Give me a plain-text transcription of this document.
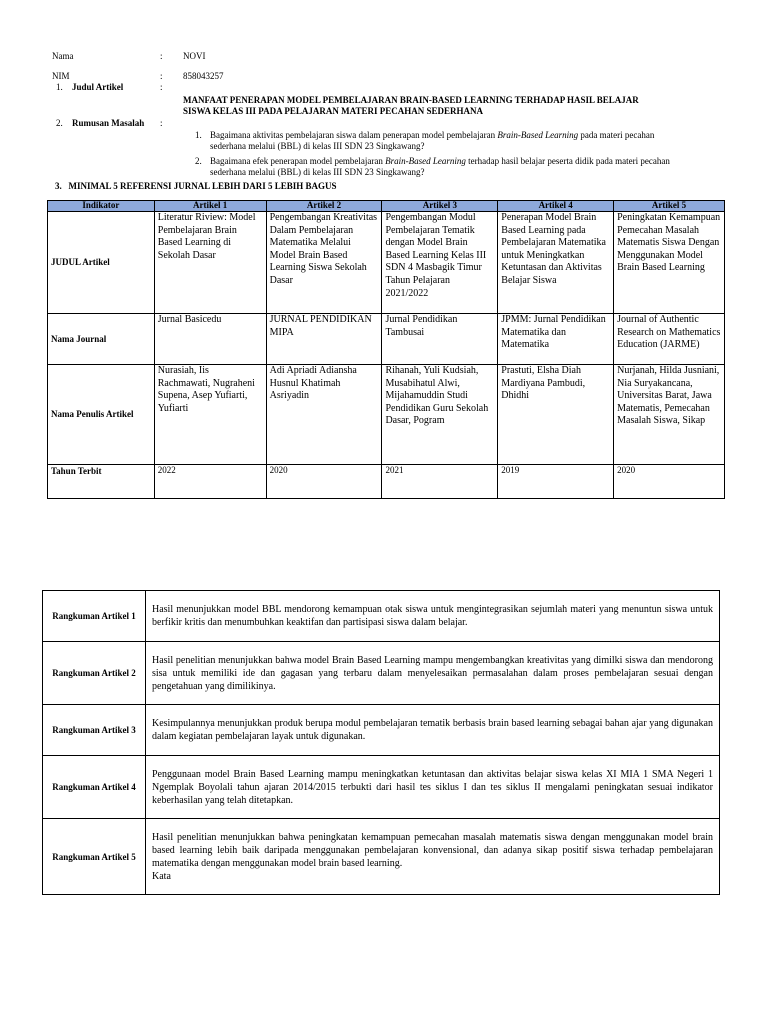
Nama	: NOVI
NIM	: 858043257
1. Judul Artikel	:
MANFAAT PENERAPAN MODEL PEMBELAJARAN BRAIN-BASED LEARNING TERHADAP HASIL BELAJAR
SISWA KELAS III PADA PELAJARAN MATERI PECAHAN SEDERHANA
2. Rumusan Masalah :
1. Bagaimana aktivitas pembelajaran siswa dalam penerapan model pembelajaran Brain-Based Learning pada materi pecahan
sederhana melalui (BBL) di kelas III SDN 23 Singkawang?
2. Bagaimana efek penerapan model pembelajaran Brain-Based Learning terhadap hasil belajar peserta didik pada materi pecahan
sederhana melalui (BBL) di kelas III SDN 23 Singkawang?
3.   MINIMAL 5 REFERENSI JURNAL LEBIH DARI 5 LEBIH BAGUS
Indikator	Artikel 1	Artikel 2	Artikel 3	Artikel 4	Artikel 5
JUDUL Artikel	Literatur Riview: Model Pembelajaran Brain Based Learning di Sekolah Dasar	Pengembangan Kreativitas Dalam Pembelajaran Matematika Melalui Model Brain Based Learning Siswa Sekolah Dasar	Pengembangan Modul Pembelajaran Tematik dengan Model Brain Based Learning Kelas III SDN 4 Masbagik Timur Tahun Pelajaran 2021/2022	Penerapan Model Brain Based Learning pada Pembelajaran Matematika untuk Meningkatkan Ketuntasan dan Aktivitas Belajar Siswa	Peningkatan Kemampuan Pemecahan Masalah Matematis Siswa Dengan Menggunakan Model Brain Based Learning
Nama Journal	Jurnal Basicedu	JURNAL PENDIDIKAN MIPA	Jurnal Pendidikan Tambusai	JPMM: Jurnal Pendidikan Matematika dan Matematika	Journal of Authentic Research on Mathematics Education (JARME)
Nama Penulis Artikel	Nurasiah, Iis Rachmawati, Nugraheni Supena, Asep Yufiarti, Yufiarti	Adi Apriadi Adiansha Husnul Khatimah Asriyadin	Rihanah, Yuli Kudsiah, Musabihatul Alwi, Mijahamuddin Studi Pendidikan Guru Sekolah Dasar, Pogram	Prastuti, Elsha Diah Mardiyana Pambudi, Dhidhi	Nurjanah, Hilda Jusniani, Nia Suryakancana, Universitas Barat, Jawa Matematis, Pemecahan Masalah Siswa, Sikap
Tahun Terbit	2022	2020	2021	2019	2020
Rangkuman Artikel 1	Hasil menunjukkan model BBL mendorong kemampuan otak siswa untuk mengintegrasikan sejumlah materi yang menuntun siswa untuk berfikir kritis dan menumbuhkan keaktifan dan partisipasi siswa dalam belajar.
Rangkuman Artikel 2	Hasil penelitian menunjukkan bahwa model Brain Based Learning mampu mengembangkan kreativitas yang dimilki siswa dan mendorong sisa untuk memiliki ide dan gagasan yang terbaru dalam menyelesaikan permasalahan dalam proses pembelajaran sesuai dengan pengetahuan yang dimilikinya.
Rangkuman Artikel 3	Kesimpulannya menunjukkan produk berupa modul pembelajaran tematik berbasis brain based learning sebagai bahan ajar yang digunakan dalam kegiatan pembelajaran layak untuk digunakan.
Rangkuman Artikel 4	Penggunaan model Brain Based Learning mampu meningkatkan ketuntasan dan aktivitas belajar siswa kelas XI MIA 1 SMA Negeri 1 Ngemplak Boyolali tahun ajaran 2014/2015 terbukti dari hasil tes siklus I dan tes siklus II mengalami peningkatan sesuai indikator keberhasilan yang telah ditetapkan.
Rangkuman Artikel 5	Hasil penelitian menunjukkan bahwa peningkatan kemampuan pemecahan masalah matematis siswa dengan menggunakan model brain based learning lebih baik daripada menggunakan pembelajaran konvensional, dan adanya sikap positif siswa terhadap pembelajaran matematika dengan menggunakan model brain based learning.
Kata
